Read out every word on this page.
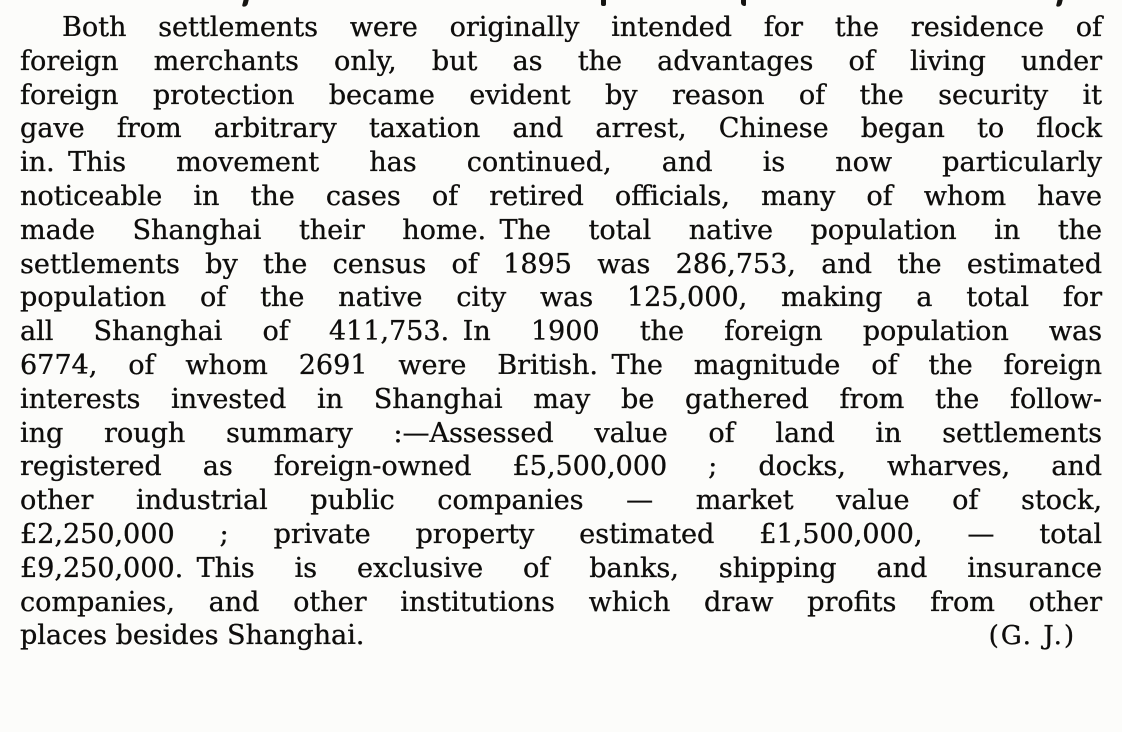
Both settlements were originally intended for the residence of
foreign merchants only, but as the advantages of living under
foreign protection became evident by reason of the security it
gave from arbitrary taxation and arrest, Chinese began to flock
in. This movement has continued, and is now particularly
noticeable in the cases of retired officials, many of whom have
made Shanghai their home. The total native population in the
settlements by the census of 1895 was 286,753, and the estimated
population of the native city was 125,000, making a total for
all Shanghai of 411,753. In 1900 the foreign population was
6774, of whom 2691 were British. The magnitude of the foreign
interests invested in Shanghai may be gathered from the follow-
ing rough summary :—Assessed value of land in settlements
registered as foreign-owned £5,500,000 ; docks, wharves, and
other industrial public companies — market value of stock,
£2,250,000 ; private property estimated £1,500,000, — total
£9,250,000. This is exclusive of banks, shipping and insurance
companies, and other institutions which draw profits from other
places besides Shanghai.	(G. J.)
